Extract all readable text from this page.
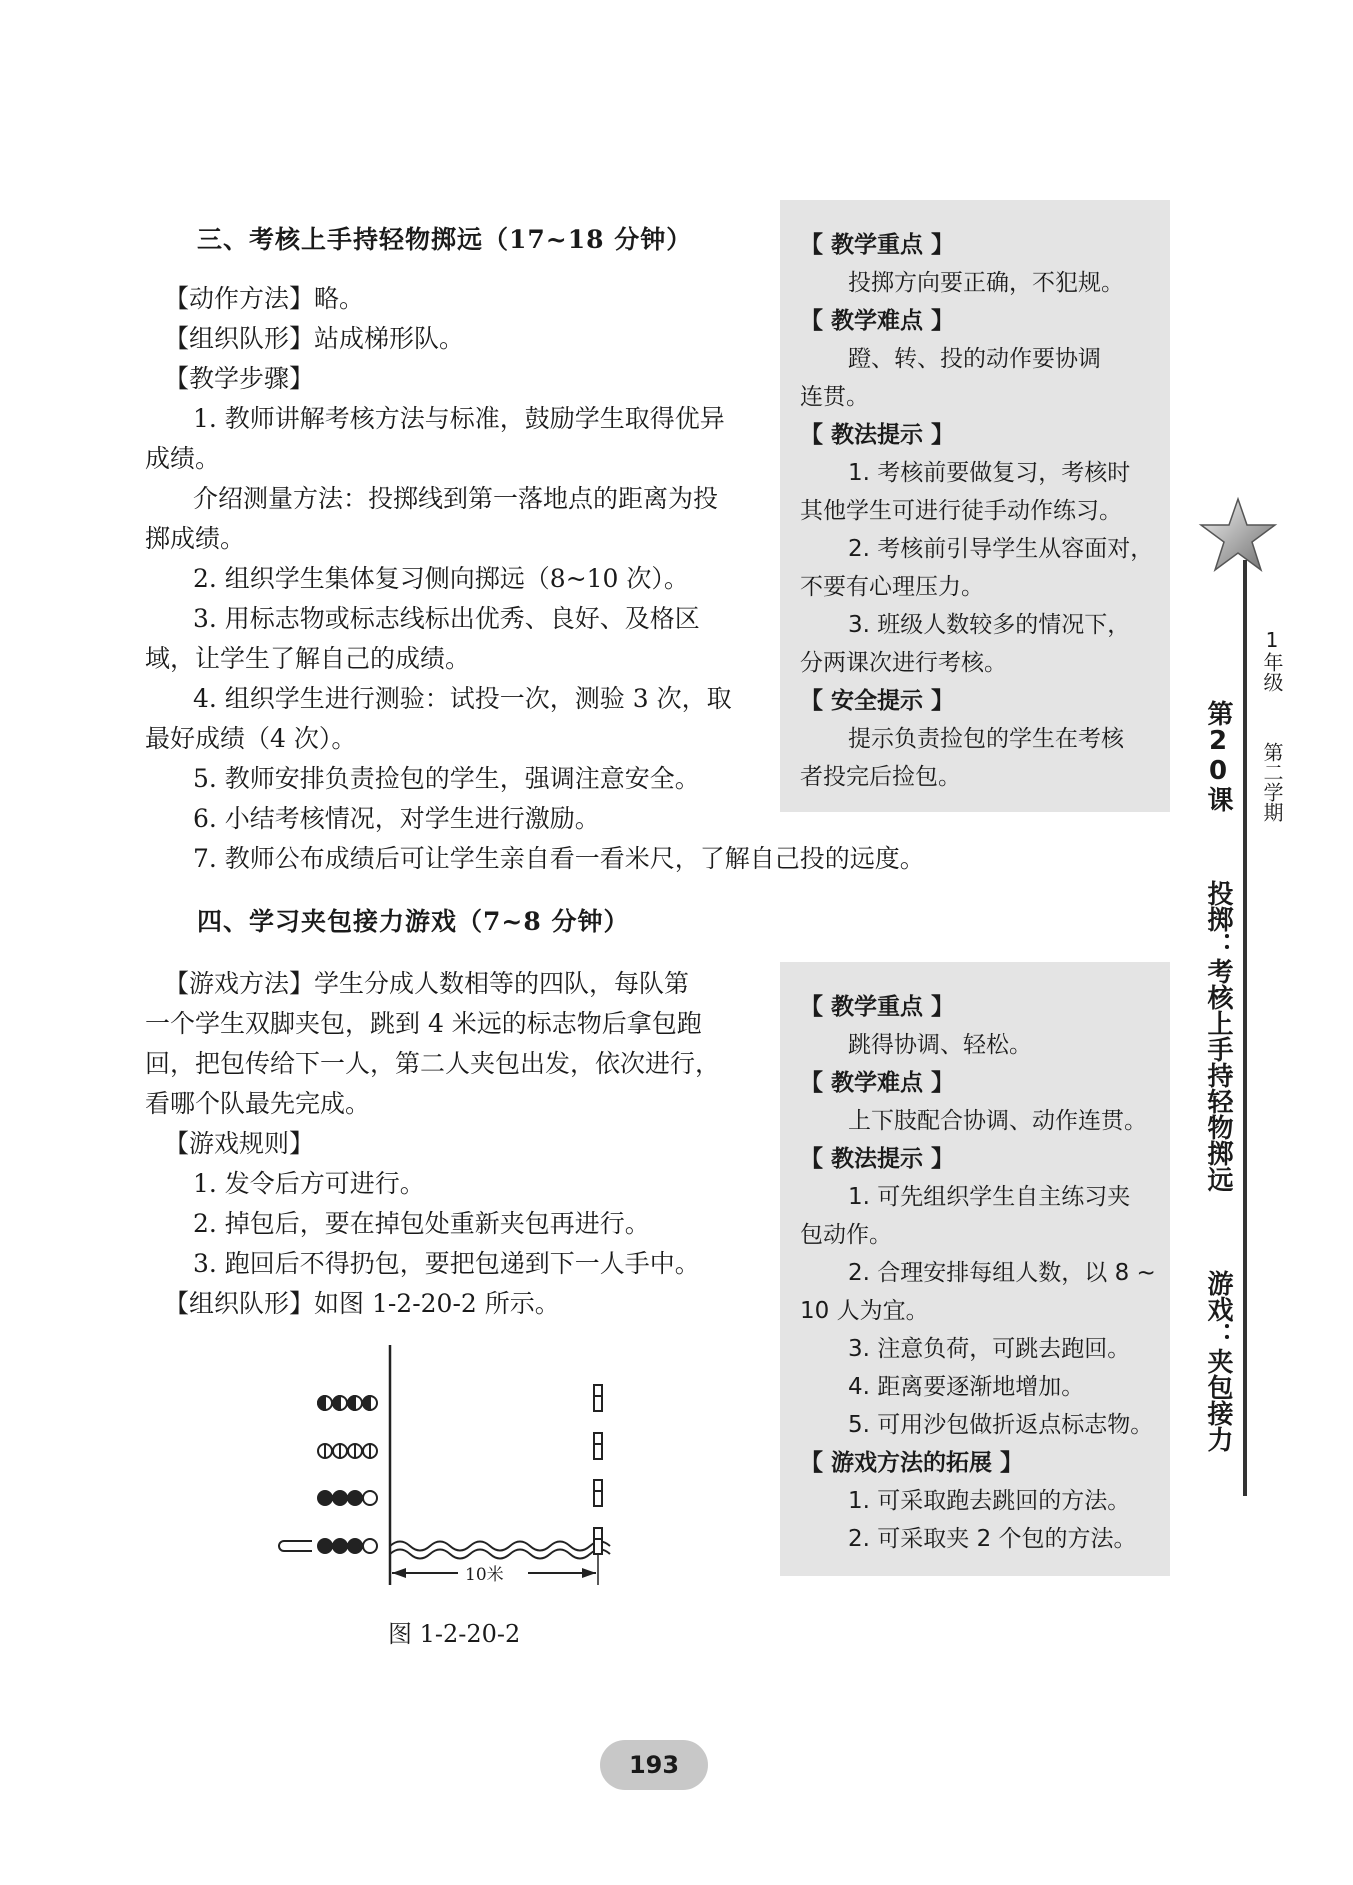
三、考核上手持轻物掷远（17~18 分钟）
【动作方法】略。
【组织队形】站成梯形队。
【教学步骤】
1. 教师讲解考核方法与标准，鼓励学生取得优异
成绩。
介绍测量方法：投掷线到第一落地点的距离为投
掷成绩。
2. 组织学生集体复习侧向掷远（8~10 次）。
3. 用标志物或标志线标出优秀、良好、及格区
域，让学生了解自己的成绩。
4. 组织学生进行测验：试投一次，测验 3 次，取
最好成绩（4 次）。
5. 教师安排负责捡包的学生，强调注意安全。
6. 小结考核情况，对学生进行激励。
7. 教师公布成绩后可让学生亲自看一看米尺，了解自己投的远度。
四、学习夹包接力游戏（7~8 分钟）
【游戏方法】学生分成人数相等的四队，每队第
一个学生双脚夹包，跳到 4 米远的标志物后拿包跑
回，把包传给下一人，第二人夹包出发，依次进行，
看哪个队最先完成。
【游戏规则】
1. 发令后方可进行。
2. 掉包后，要在掉包处重新夹包再进行。
3. 跑回后不得扔包，要把包递到下一人手中。
【组织队形】如图 1-2-20-2 所示。
【 教学重点 】
投掷方向要正确，不犯规。
【 教学难点 】
蹬、转、投的动作要协调
连贯。
【 教法提示 】
1. 考核前要做复习，考核时
其他学生可进行徒手动作练习。
2. 考核前引导学生从容面对，
不要有心理压力。
3. 班级人数较多的情况下，
分两课次进行考核。
【 安全提示 】
提示负责捡包的学生在考核
者投完后捡包。
【 教学重点 】
跳得协调、轻松。
【 教学难点 】
上下肢配合协调、动作连贯。
【 教法提示 】
1. 可先组织学生自主练习夹
包动作。
2. 合理安排每组人数，以 8 ~
10 人为宜。
3. 注意负荷，可跳去跑回。
4. 距离要逐渐地增加。
5. 可用沙包做折返点标志物。
【 游戏方法的拓展 】
1. 可采取跑去跳回的方法。
2. 可采取夹 2 个包的方法。
10米
图 1-2-20-2
1年级
第二学期
第20课
投掷：考核上手持轻物掷远
游戏：夹包接力
193
